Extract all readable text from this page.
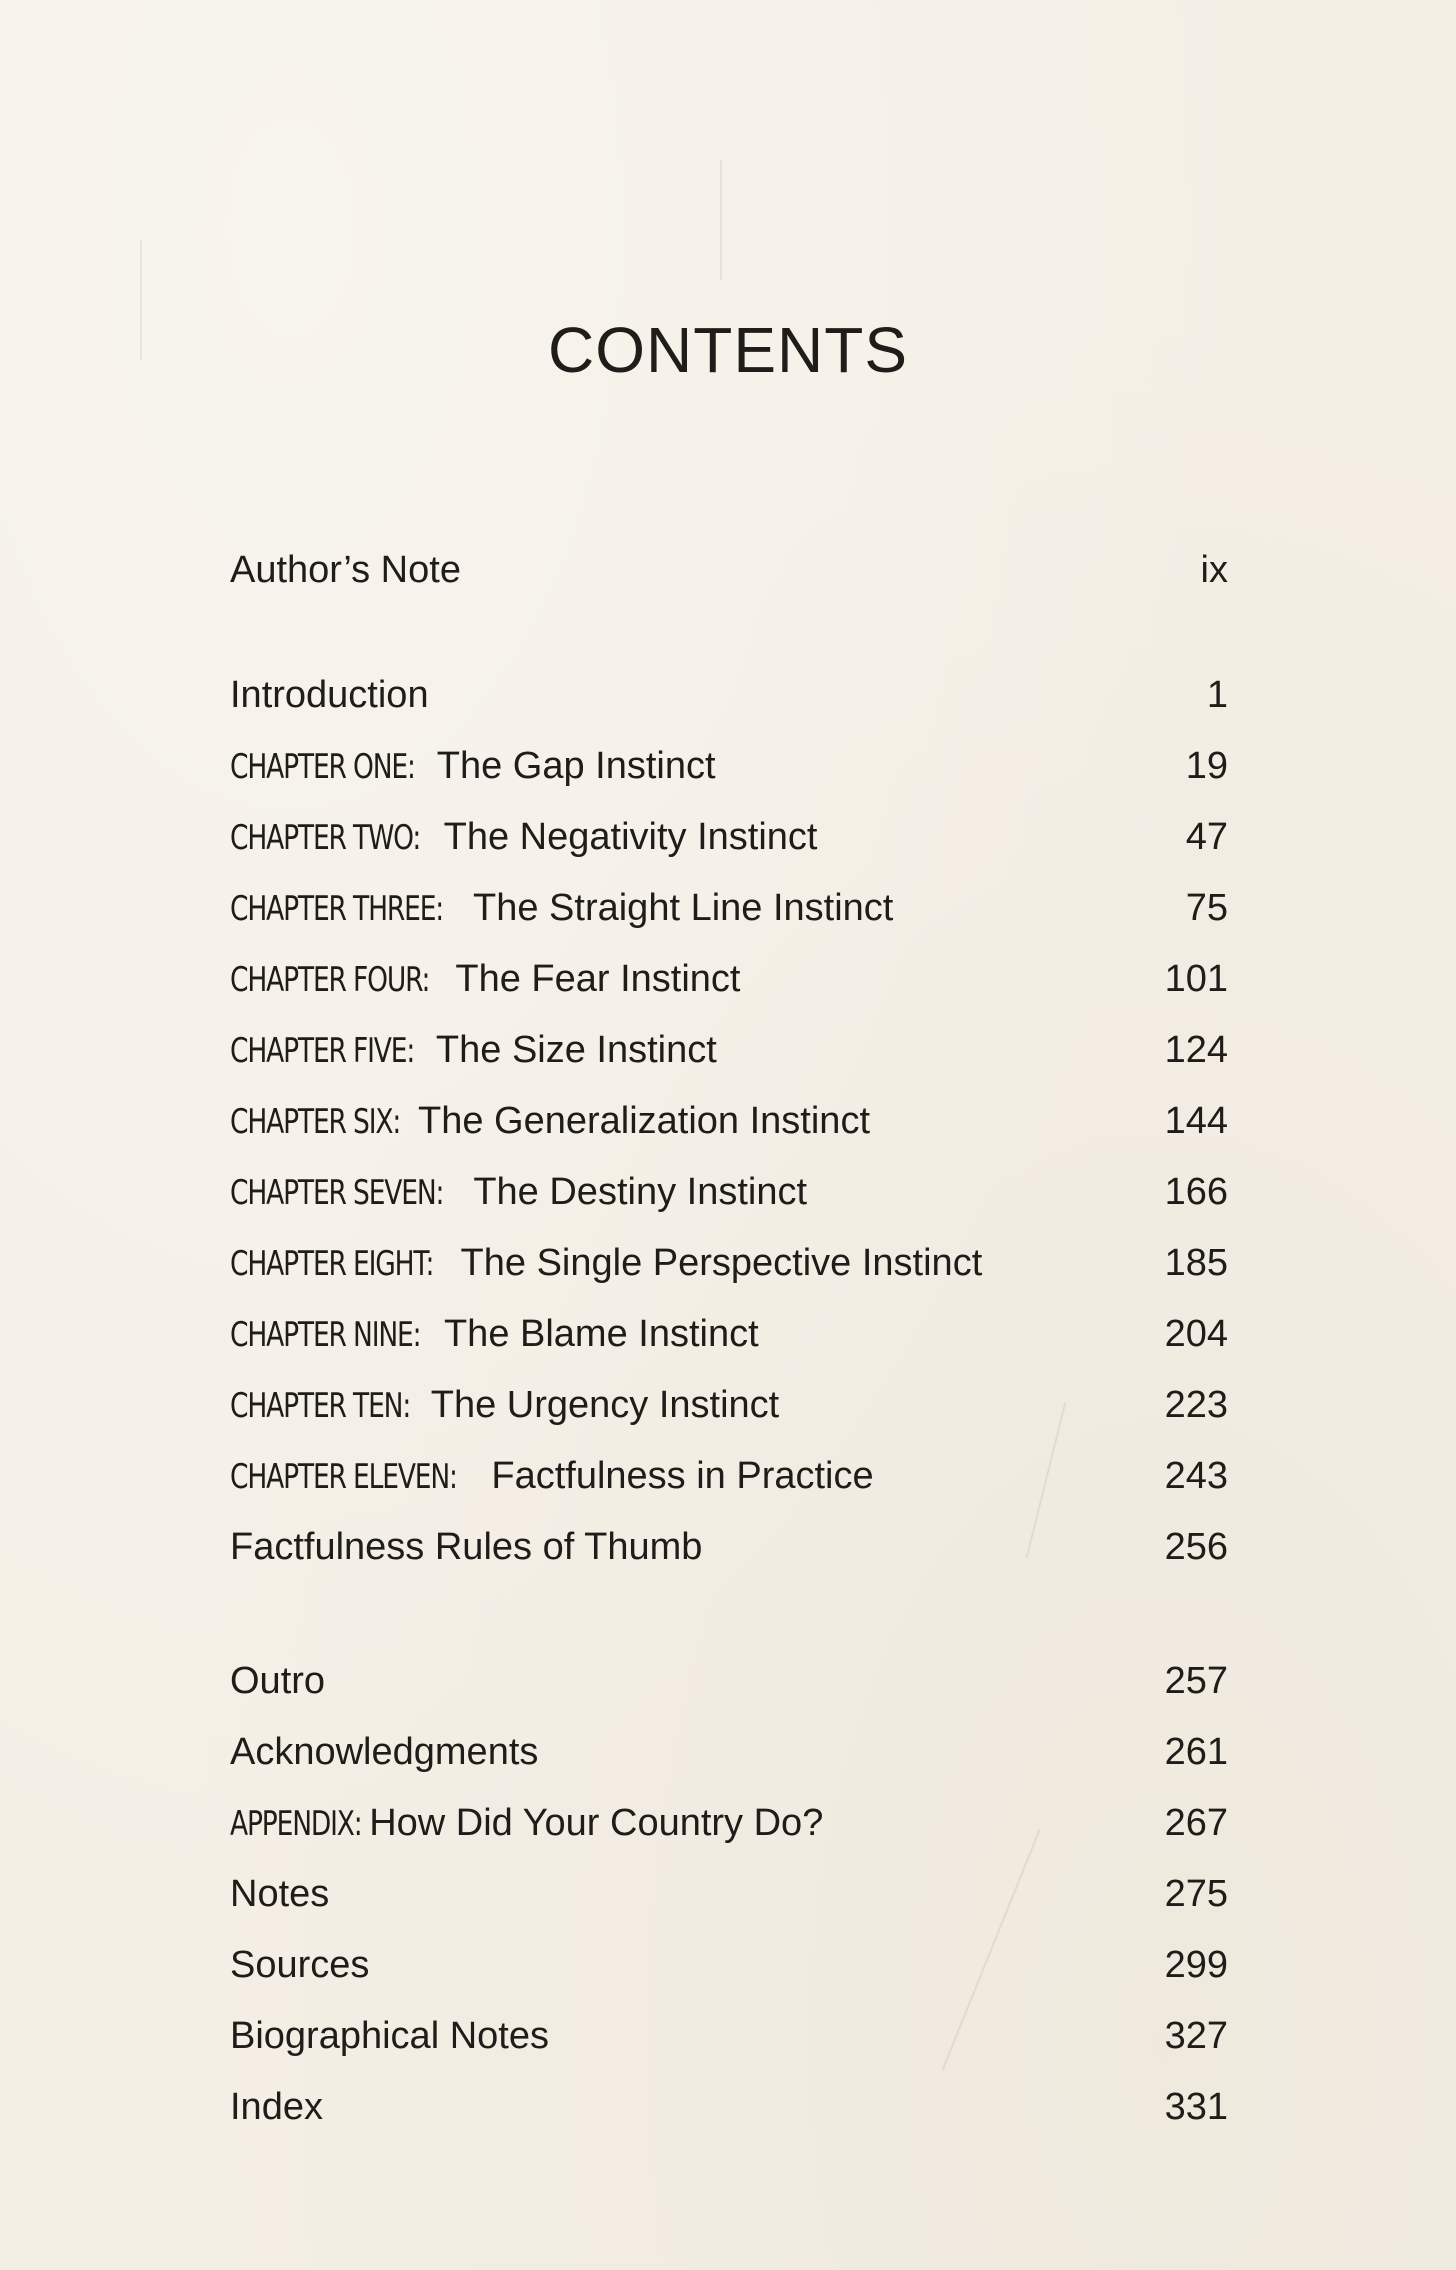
CONTENTS
Author’s Note	ix
Introduction	1
CHAPTER ONE: The Gap Instinct	19
CHAPTER TWO: The Negativity Instinct	47
CHAPTER THREE: The Straight Line Instinct	75
CHAPTER FOUR: The Fear Instinct	101
CHAPTER FIVE: The Size Instinct	124
CHAPTER SIX: The Generalization Instinct	144
CHAPTER SEVEN: The Destiny Instinct	166
CHAPTER EIGHT: The Single Perspective Instinct	185
CHAPTER NINE: The Blame Instinct	204
CHAPTER TEN: The Urgency Instinct	223
CHAPTER ELEVEN: Factfulness in Practice	243
Factfulness Rules of Thumb	256
Outro	257
Acknowledgments	261
APPENDIX: How Did Your Country Do?	267
Notes	275
Sources	299
Biographical Notes	327
Index	331
